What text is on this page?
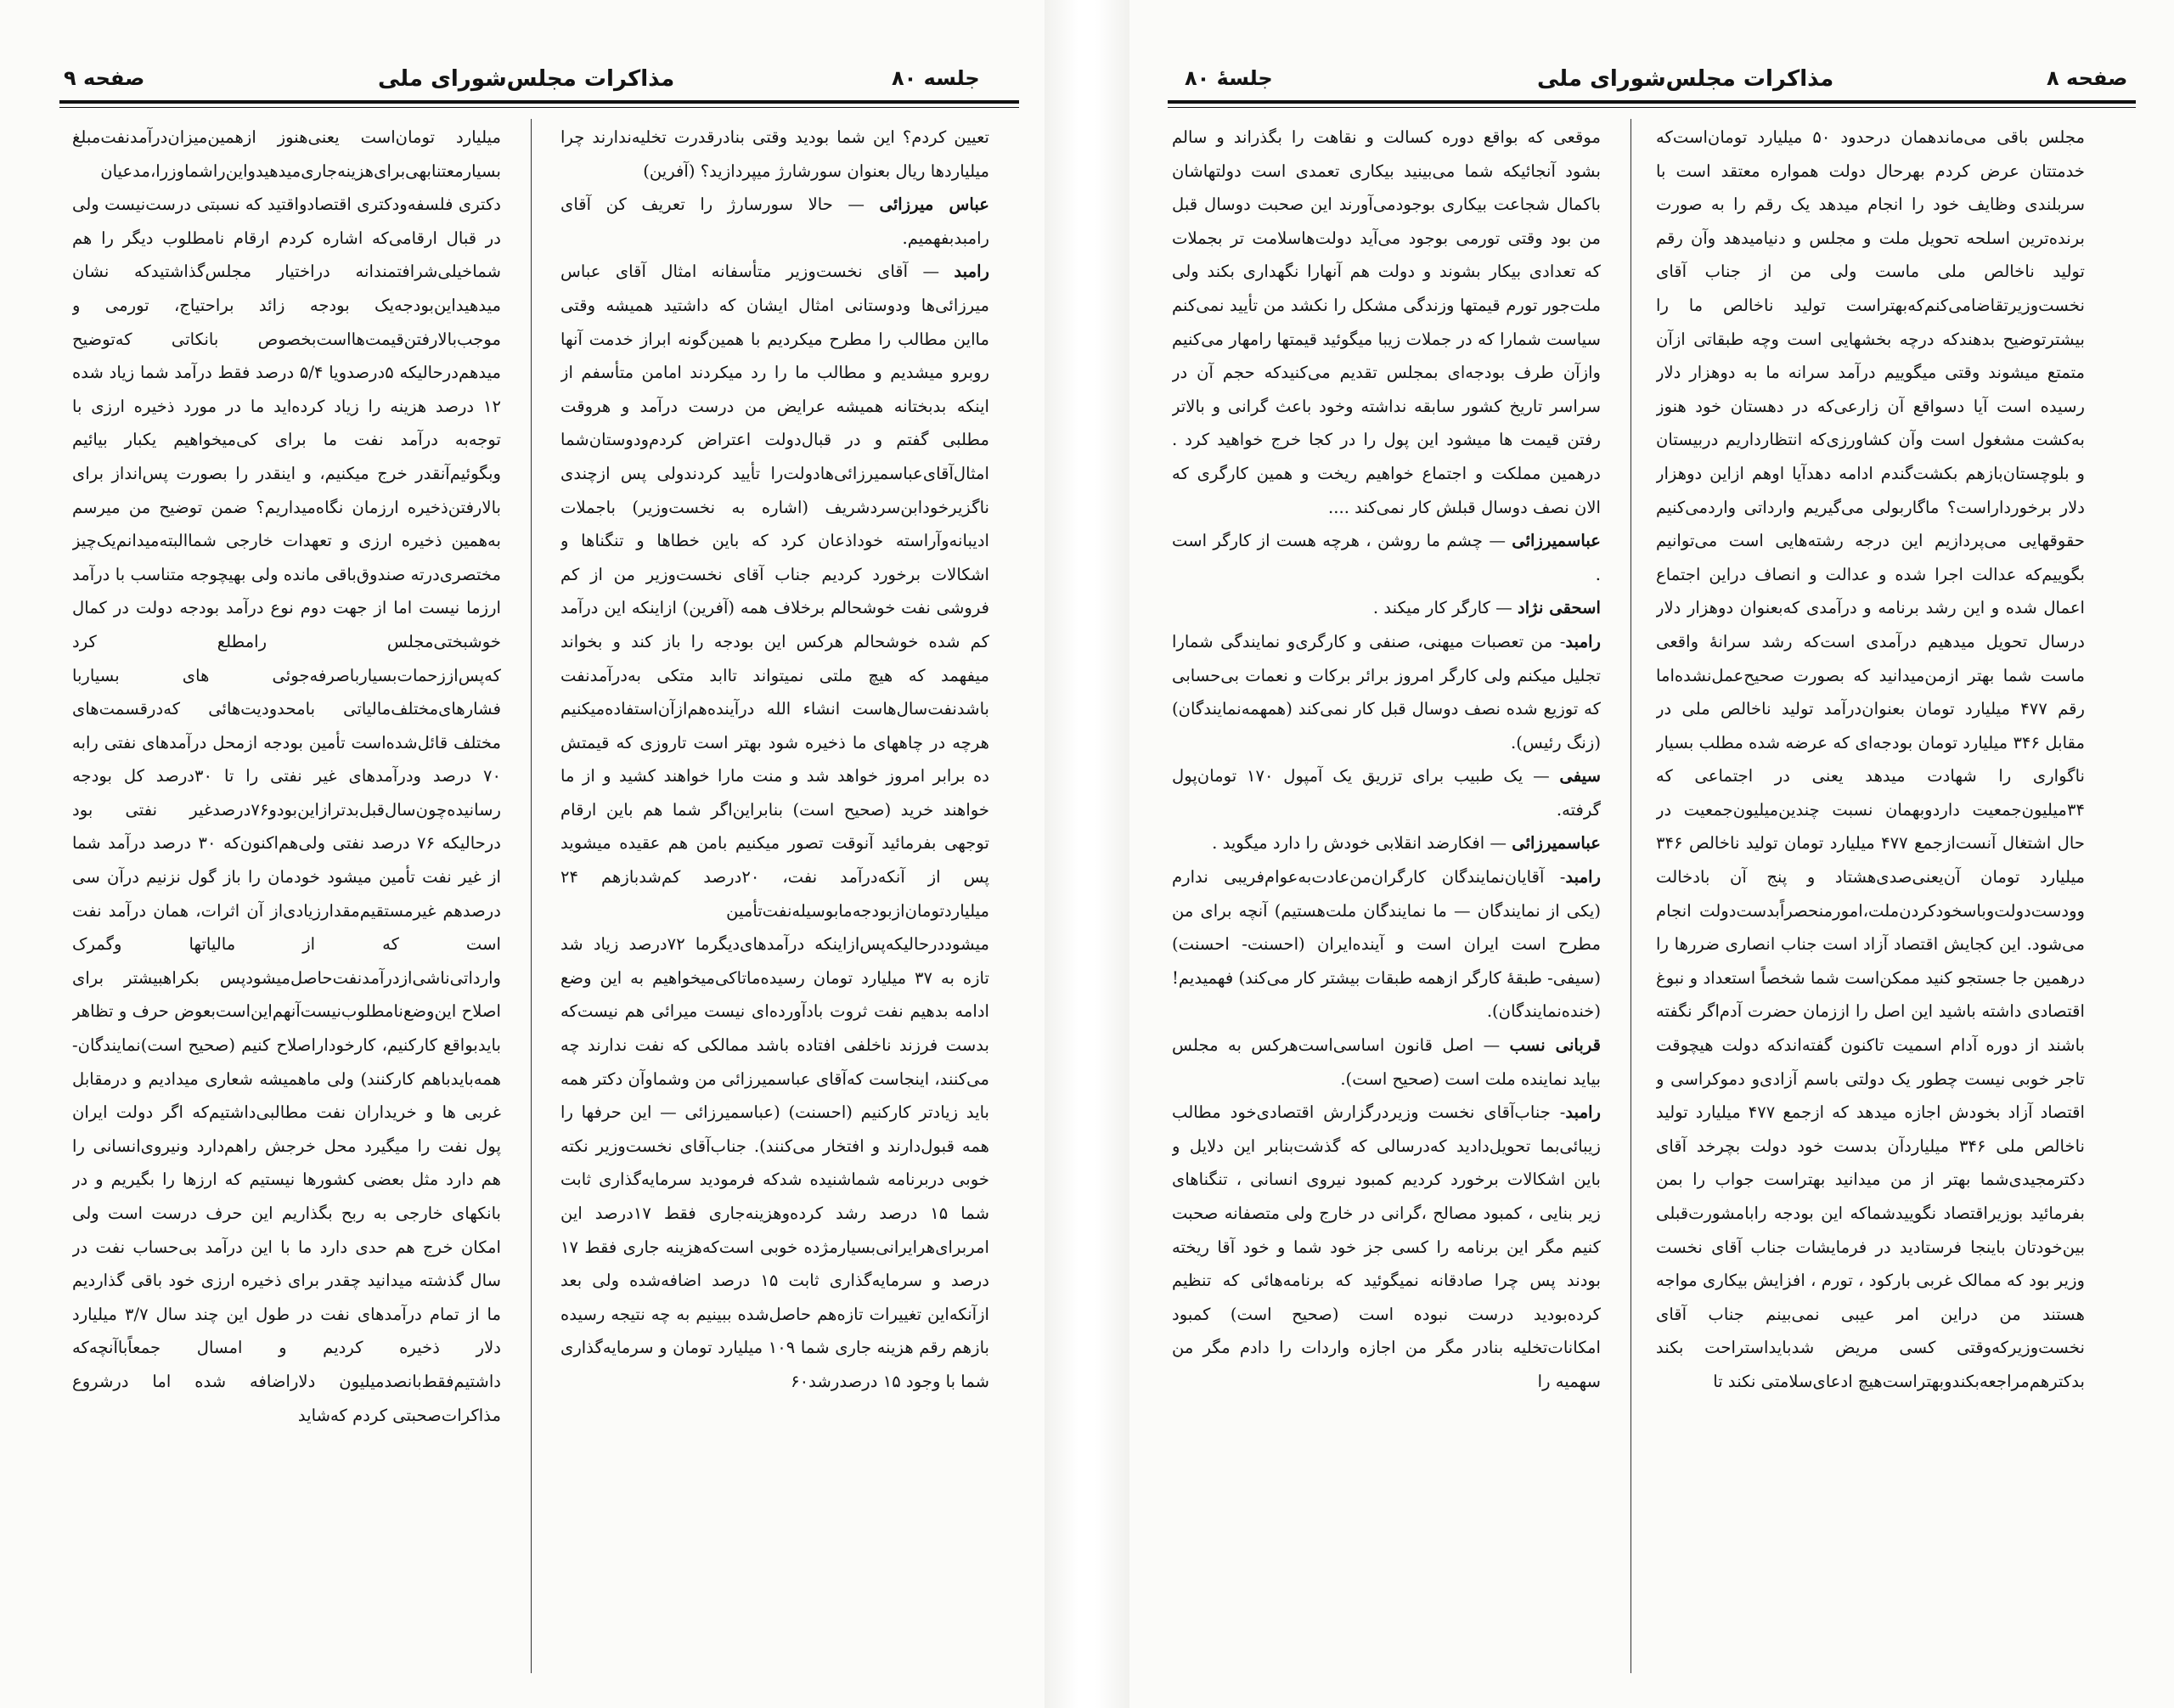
صفحه ۹	مذاکرات مجلس‌شورای ملی	جلسه ۸۰

تعیین کردم؟ این شما بودید وقتی بنادرقدرت تخلیه‌ندارند چرا میلیاردها ریال بعنوان سورشارژ میپردازید؟ (آفرین)

عباس میرزائی — حالا سورسارژ را تعریف کن آقای رامبدبفهمیم.

رامبد — آقای نخست‌وزیر متأسفانه امثال آقای عباس میرزائی‌ها ودوستانی امثال ایشان که داشتید همیشه وقتی مااین مطالب را مطرح میکردیم با همین‌گونه ابراز خدمت آنها روبرو میشدیم و مطالب ما را رد میکردند امامن متأسفم از اینکه بدبختانه همیشه عرایض من درست درآمد و هروقت مطلبی گفتم و در قبال‌دولت اعتراض کردم‌ودوستان‌شما امثال‌آقای‌عباسمیرزائی‌هادولت‌را تأیید کردندولی پس ازچندی ناگزیرخودابن‌سردشریف (اشاره به نخست‌وزیر) باجملات ادیبانه‌وآراسته خوداذعان کرد که باین خطاها و تنگناها و اشکالات برخورد کردیم جناب آقای نخست‌وزیر من از کم فروشی نفت خوشحالم برخلاف همه (آفرین) ازاینکه این درآمد کم شده خوشحالم هرکس این بودجه را باز کند و بخواند میفهمد که هیچ ملتی نمیتواند تاابد متکی به‌درآمدنفت باشدنفت‌سال‌ها‌ست انشاء الله درآینده‌هم‌ازآن‌استفاده‌میکنیم هرچه در چاههای ما ذخیره شود بهتر است تاروزی که قیمتش ده برابر امروز خواهد شد و منت مارا خواهند کشید و از ما خواهند خرید (صحیح است) بنابراین‌اگر شما هم باین ارقام توجهی بفرمائید آنوقت تصور میکنیم بامن هم عقیده میشوید پس از آنکه‌درآمد نفت، ۲۰درصد کم‌شد‌باز‌هم ۲۴ میلیاردتومان‌ازبودجه‌مابوسیله‌نفت‌تأمین میشودد‌رحالیکه‌پس‌ازاینکه درآمدهای‌دیگرما ۷۲درصد زیاد شد تازه به ۳۷ میلیارد تومان رسیده‌ماتاکی‌میخواهیم به این وضع ادامه بدهیم نفت ثروت بادآورده‌ای نیست میرائی هم نیست‌که بدست فرزند ناخلفی افتاده باشد ممالکی که نفت ندارند چه می‌کنند، اینجاست که‌آقای عباسمیرزائی من وشماوآن دکتر همه باید زیادتر کارکنیم (احسنت) (عباسمیرزائی — این حرفها را همه قبول‌دارند و افتخار می‌کنند). جناب‌آقای نخست‌وزیر نکته خوبی دربرنامه شماشنیده شدکه فرمودید سرمایه‌گذاری ثابت شما ۱۵ درصد رشد کرده‌وهزینه‌جاری فقط ۱۷درصد این امربرای‌هرایرانی‌بسیارمژده خوبی است‌که‌هزینه جاری فقط ۱۷ درصد و سرمایه‌گذاری ثابت ۱۵ درصد اضافه‌شده ولی بعد ازآنکه‌این تغییرات تازه‌هم حاصل‌شده ببینیم به چه نتیجه رسیده بازهم رقم هزینه جاری شما ۱۰۹ میلیارد تومان و سرمایه‌گذاری شما با وجود ۱۵ درصدرشد۶۰

میلیارد تومان‌است یعنی‌هنوز ازهمین‌میزان‌درآمدنفت‌مبلغ بسیارمعتنابهی‌برای‌هزینه‌جاری‌میدهیدواین‌راشماوزرا،مدعیان دکتری فلسفه‌ودکتری اقتصادواقتید که نسبتی درست‌نیست ولی در قبال ارقامی‌که اشاره کردم ارقام نامطلوب دیگر را هم شماخیلی‌شرافتمندانه دراختیار مجلس‌گذاشتید‌که نشان میدهیداین‌بودجه‌یک بودجه زائد براحتیاج، تورمی و موجب‌بالارفتن‌قیمت‌هااست‌بخصوص بانکاتی که‌توضیح میدهم‌درحالیکه ۵درصدویا ۵/۴ درصد فقط درآمد شما زیاد شده ۱۲ درصد هزینه را زیاد کرده‌اید ما در مورد ذخیره ارزی با توجه‌به درآمد نفت ما برای کی‌میخواهیم یکبار بیائیم وبگوئیم‌آنقدر خرج میکنیم، و اینقدر را بصورت پس‌انداز برای بالارفتن‌ذخیره ارزمان نگاه‌میداریم؟ ضمن توضیح من میرسم به‌همین ذخیره ارزی و تعهدات خارجی شماالبته‌میدانم‌یک‌چیز مختصری‌درته صندوق‌باقی مانده ولی بهیچوجه متناسب با درآمد ارزما نیست اما از جهت دوم نوع درآمد بودجه دولت در کمال خوشبختی‌مجلس رامطلع کرد که‌پس‌ازز‌حمات‌بسیار‌باصرفه‌جوئی های بسیار‌با فشارهای‌مختلف‌مالیاتی بامحدودیت‌هائی که‌درقسمت‌های مختلف قائل‌شده‌است تأمین بودجه از‌محل درآمدهای نفتی رابه ۷۰ درصد ودرآمدهای غیر نفتی را تا ۳۰درصد کل بودجه رسانیده‌چون‌سال‌قبل‌بدتراز‌این‌بودو۷۶درصد‌غیر نفتی بود درحالیکه ۷۶ درصد نفتی ولی‌هم‌اکنون‌که ۳۰ درصد درآمد شما از غیر نفت تأمین میشود خودمان را باز گول نزنیم درآن سی درصدهم غیرمستقیم‌مقدارزیادی‌از آن اثرات، همان درآمد نفت است که از مالیاتها وگمرک وارداتی‌ناشی‌از‌درآمدنفت‌حاصل‌میشود‌پس بکراهبیشتر برای اصلاح این‌وضع‌نامطلوب‌نیست‌آنهم‌این‌است‌بعوض حرف و تظاهر بایدبواقع کارکنیم، کارخوداراصلاح کنیم (صحیح است)نمایندگان- همه‌باید‌باهم کارکنند) ولی ماهمیشه شعاری میدادیم و درمقابل غربی ها و خریداران نفت مطالبی‌داشتیم‌که اگر دولت ایران پول نفت را میگیرد محل خرجش راهم‌دارد ونیروی‌انسانی را هم دارد مثل بعضی کشورها نیستیم که ارزها را بگیریم و در بانکهای خارجی به ربح بگذاریم این حرف درست است ولی امکان خرج هم حدی دارد ما با این درآمد بی‌حساب نفت در سال گذشته میدانید چقدر برای ذخیره ارزی خود باقی گذاردیم ما از تمام درآمدهای نفت در طول این چند سال ۳/۷ میلیارد دلار ذخیره کردیم و امسال جمعاً‌باآنچه‌که داشتیم‌فقط‌بانصدمیلیون دلاراضافه شده اما درشروع مذاکرات‌صحبتی کردم که‌شاید

جلسهٔ ۸۰	مذاکرات مجلس‌شورای ملی	صفحه ۸

مجلس باقی می‌ماندهمان درحدود ۵۰ میلیارد تومان‌است‌که خدمتتان عرض کردم بهرحال دولت همواره معتقد است با سربلندی وظایف خود را انجام میدهد یک رقم را به صورت برنده‌ترین اسلحه تحویل ملت و مجلس و دنیامیدهد وآن رقم تولید ناخالص ملی ماست ولی من از جناب آقای نخست‌وزیرتقاضامی‌کنم‌که‌بهتراست تولید ناخالص ما را بیشترتوضیح بدهند‌که درچه بخشهایی است وچه طبقاتی ازآن متمتع میشوند وقتی میگوییم درآمد سرانه ما به دوهزار دلار رسیده است آیا دسواقع آن زارعی‌که در دهستان خود هنوز به‌کشت مشغول است وآن کشاورزی‌که انتظارداریم دربیستان و بلوچستان‌بازهم بکشت‌گندم ادامه دهدآیا اوهم ازاین دوهزار دلار برخورداراست؟ ماگاربولی می‌گیریم وارداتی واردمی‌کنیم حقوقهایی می‌پردازیم این درجه رشته‌هایی است می‌توانیم بگوییم‌که عدالت اجرا شده و عدالت و انصاف دراین اجتماع اعمال شده و این رشد برنامه و درآمدی که‌بعنوان دوهزار دلار درسال تحویل میدهیم درآمدی است‌که رشد سرانهٔ واقعی ماست شما بهتر ازمن‌میدانید که بصورت صحیح‌عمل‌نشده‌اما رقم ۴۷۷ میلیارد تومان بعنوان‌درآمد تولید ناخالص ملی در مقابل ۳۴۶ میلیارد تومان بودجه‌ای که عرضه شده مطلب بسیار ناگواری را شهادت میدهد یعنی در اجتماعی که ۳۴میلیون‌جمعیت دارد‌و‌بهمان نسبت چندین‌میلیون‌جمعیت در حال اشتغال آنست‌ازجمع ۴۷۷ میلیارد تومان تولید ناخالص ۳۴۶ میلیارد تومان آن‌یعنی‌صدی‌هشتاد و پنج آن بادخالت وودست‌دولت‌و‌باسخود‌کردن‌ملت،امور‌منحصراً‌بدست‌دولت انجام می‌شود. این کجایش اقتصاد آزاد است جناب انصاری ضررها را درهمین جا جستجو کنید ممکن‌است شما شخصاً استعداد و نبوغ اقتصادی داشته باشید این اصل را اززمان حضرت آدم‌اگر نگفته باشند از دوره آدام اسمیت تاکنون گفته‌اندکه دولت هیچوقت تاجر خوبی نیست چطور یک دولتی باسم آزادی‌و دموکراسی و اقتصاد آزاد بخودش اجازه میدهد که ازجمع ۴۷۷ میلیارد تولید ناخالص ملی ۳۴۶ میلیاردآن بدست خود دولت بچرخد آقای دکترمجیدی‌شما بهتر از من میدانید بهتراست جواب را بمن بفرمائید بوزیراقتصاد نگوییدشماکه این بودجه رابامشورت‌قبلی بین‌خودتان باینجا فرستادید در فرمایشات جناب آقای نخست وزیر بود که ممالک غربی بارکود ، تورم ، افزایش بیکاری مواجه هستند من دراین امر عیبی نمی‌بینم جناب آقای نخست‌وزیرکه‌وقتی کسی مریض شدبایداستراحت بکند بدکترهم‌مراجعه‌بکندو‌بهتراست‌هیچ ادعای‌سلامتی نکند تا

موقعی که بواقع دوره کسالت و نقاهت را بگذراند و سالم بشود آنجائیکه شما می‌بینید بیکاری تعمدی است دولتهاشان باکمال شجاعت بیکاری بوجودمی‌آورند این صحبت دوسال قبل من بود وقتی تورمی بوجود می‌آید دولت‌هاسلامت تر بجملات که تعدادی بیکار بشوند و دولت هم آنهارا نگهداری بکند ولی ملت‌جور تورم قیمتها وزندگی مشکل را نکشد من تأیید نمی‌کنم سیاست شمارا که در جملات زیبا میگوئید قیمتها رامهار می‌کنیم وازآن طرف بودجه‌ای بمجلس تقدیم می‌کنید‌که حجم آن در سراسر تاریخ کشور سابقه نداشته وخود باعث گرانی و بالاتر رفتن قیمت ها میشود این پول را در کجا خرج خواهید کرد . درهمین مملکت و اجتماع خواهیم ریخت و همین کارگری که الان نصف دوسال قبلش کار نمی‌کند ....

عباسمیرزائی — چشم ما روشن ، هرچه هست از کارگر است .

اسحقی نژاد — کارگر کار میکند .

رامبد- من تعصبات میهنی، صنفی و کارگری‌و نمایندگی شمارا تجلیل میکنم ولی کارگر امروز برائر برکات و نعمات بی‌حسابی که توزیع شده نصف دوسال قبل کار نمی‌کند (همهمه‌نمایندگان) (زنگ رئیس).

سیفی — یک طبیب برای تزریق یک آمپول ۱۷۰ تومان‌پول گرفته.

عباسمیرزائی — افکار‌ضد انقلابی خودش را دارد میگوید .

رامبد- آقایان‌نمایندگان کارگران‌من‌عادت‌به‌عوام‌فریبی ندارم (یکی از نمایندگان — ما نمایندگان ملت‌هستیم) آنچه برای من مطرح است ایران است و آینده‌ایران (احسنت- احسنت) (سیفی- طبقهٔ کارگر ازهمه طبقات بیشتر کار می‌کند) فهمیدیم!(خنده‌نمایندگان).

قربانی نسب — اصل قانون اساسی‌است‌هرکس به مجلس بیاید نماینده ملت است (صحیح است).

رامبد- جناب‌آقای نخست وزیردرگزارش اقتصادی‌خود مطالب زیبائی‌بما تحویل‌دادید که‌درسالی که گذشت‌بنابر این دلایل و باین اشکالات برخورد کردیم کمبود نیروی انسانی ، تنگناهای زیر بنایی ، کمبود مصالح ،گرانی در خارج ولی متصفانه صحبت کنیم مگر این برنامه را کسی جز خود شما و خود آقا ریخته بودند پس چرا صادقانه نمیگوئید که برنامه‌هائی که تنظیم کرده‌بودید درست نبوده است (صحیح است) کمبود امکانات‌تخلیه بنادر مگر من اجازه واردات را دادم مگر من سهمیه را
